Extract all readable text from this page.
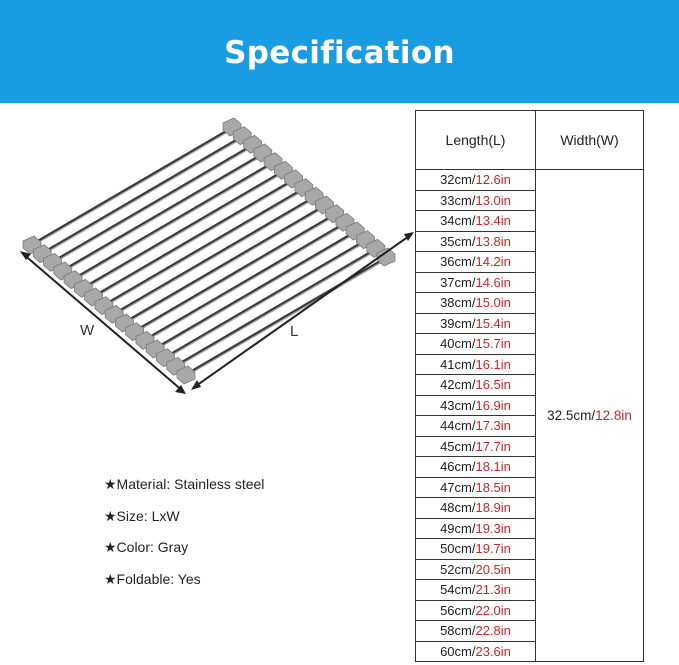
Specification
W	L
★Material: Stainless steel
★Size: LxW
★Color: Gray
★Foldable: Yes
Length(L)	Width(W)
32cm/12.6in	32.5cm/12.8in
33cm/13.0in	
34cm/13.4in	
35cm/13.8in	
36cm/14.2in	
37cm/14.6in	
38cm/15.0in	
39cm/15.4in	
40cm/15.7in	
41cm/16.1in	
42cm/16.5in	
43cm/16.9in	
44cm/17.3in	
45cm/17.7in	
46cm/18.1in	
47cm/18.5in	
48cm/18.9in	
49cm/19.3in	
50cm/19.7in	
52cm/20.5in	
54cm/21.3in	
56cm/22.0in	
58cm/22.8in	
60cm/23.6in	
